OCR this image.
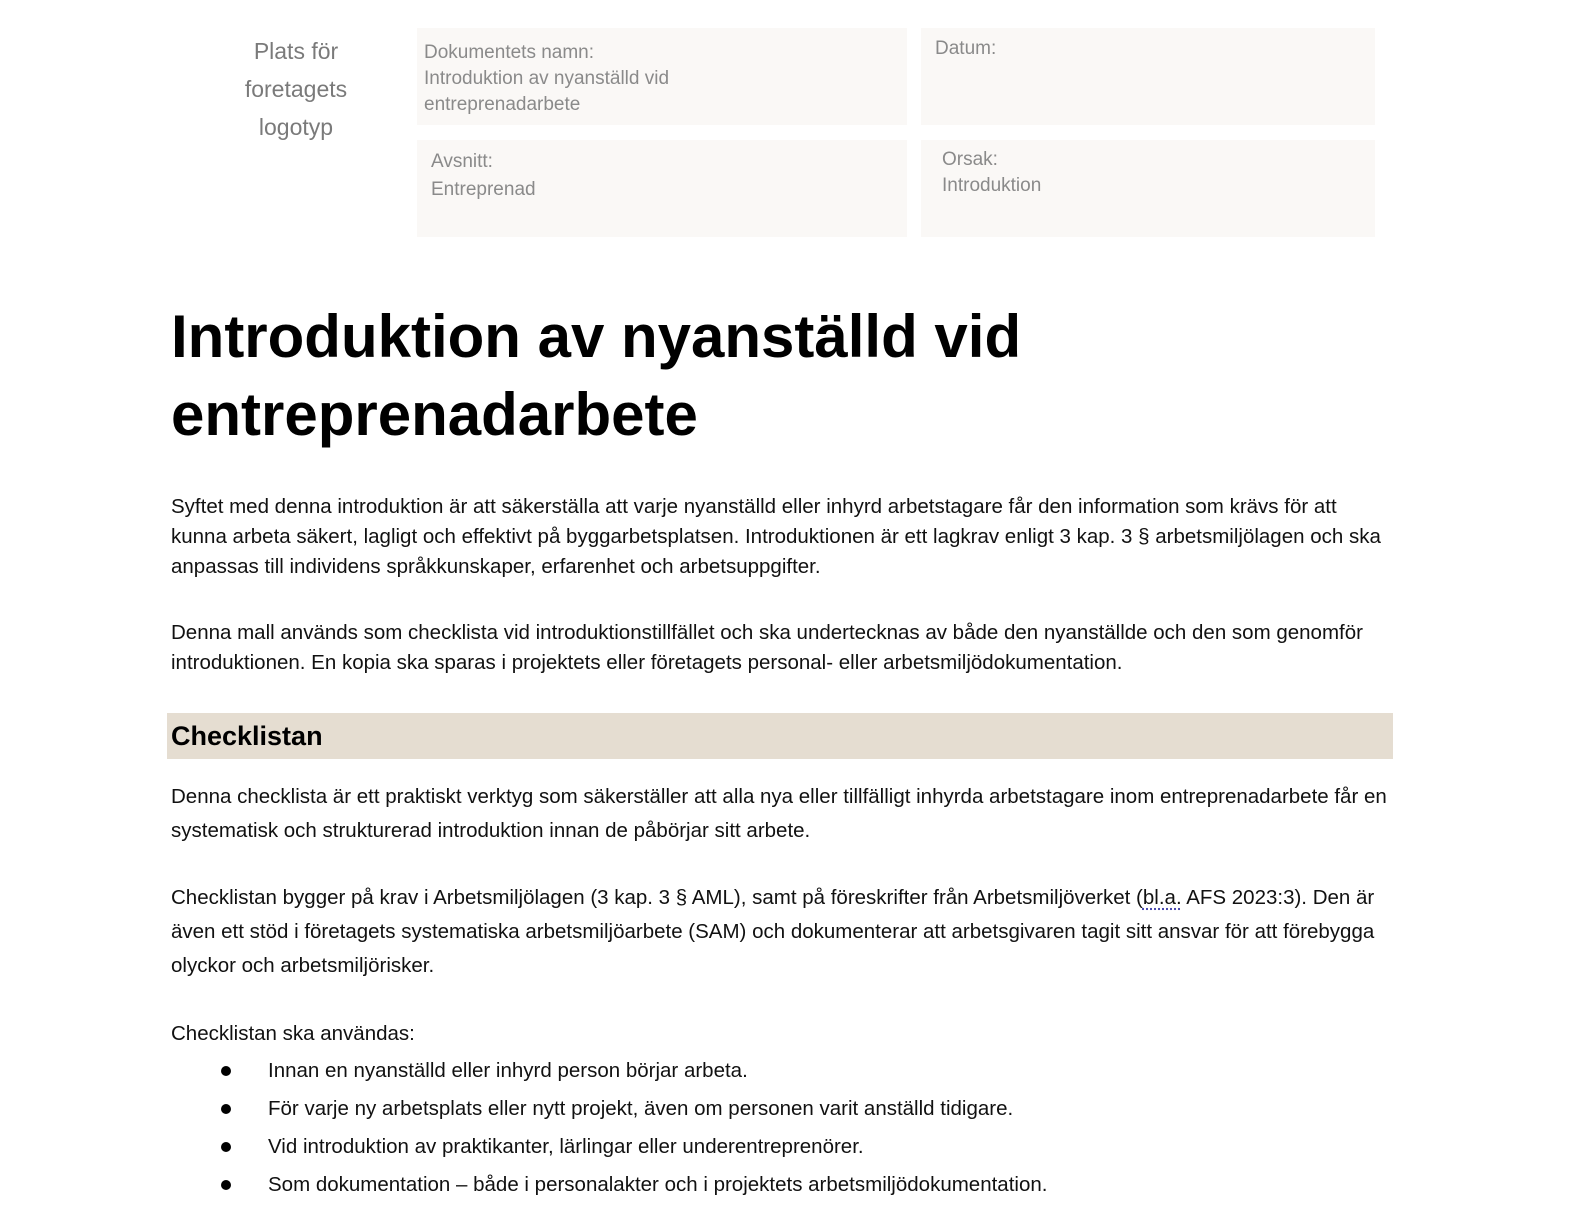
Plats för
foretagets
logotyp
Dokumentets namn:
Introduktion av nyanställd vid
entreprenadarbete
Datum:
Avsnitt:
Entreprenad
Orsak:
Introduktion
Introduktion av nyanställd vid
entreprenadarbete

Syftet med denna introduktion är att säkerställa att varje nyanställd eller inhyrd arbetstagare får den information som krävs för att kunna arbeta säkert, lagligt och effektivt på byggarbetsplatsen. Introduktionen är ett lagkrav enligt 3 kap. 3 § arbetsmiljölagen och ska anpassas till individens språkkunskaper, erfarenhet och arbetsuppgifter.

Denna mall används som checklista vid introduktionstillfället och ska undertecknas av både den nyanställde och den som genomför introduktionen. En kopia ska sparas i projektets eller företagets personal- eller arbetsmiljödokumentation.

Checklistan

Denna checklista är ett praktiskt verktyg som säkerställer att alla nya eller tillfälligt inhyrda arbetstagare inom entreprenadarbete får en systematisk och strukturerad introduktion innan de påbörjar sitt arbete.

Checklistan bygger på krav i Arbetsmiljölagen (3 kap. 3 § AML), samt på föreskrifter från Arbetsmiljöverket (bl.a. AFS 2023:3). Den är även ett stöd i företagets systematiska arbetsmiljöarbete (SAM) och dokumenterar att arbetsgivaren tagit sitt ansvar för att förebygga olyckor och arbetsmiljörisker.

Checklistan ska användas:

Innan en nyanställd eller inhyrd person börjar arbeta.
För varje ny arbetsplats eller nytt projekt, även om personen varit anställd tidigare.
Vid introduktion av praktikanter, lärlingar eller underentreprenörer.
Som dokumentation – både i personalakter och i projektets arbetsmiljödokumentation.
